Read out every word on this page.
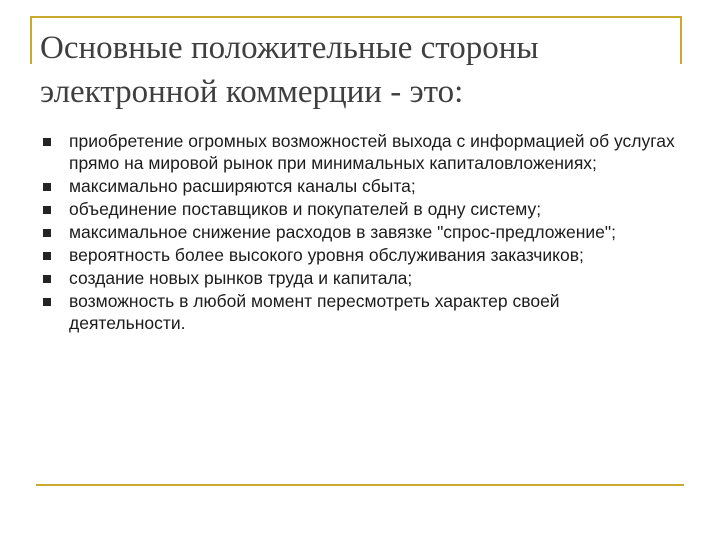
Основные положительные стороны
электронной коммерции - это:
приобретение огромных возможностей выхода с информацией об услугах прямо на мировой рынок при минимальных капиталовложениях;
максимально расширяются каналы сбыта;
объединение поставщиков и покупателей в одну систему;
максимальное снижение расходов в завязке "спрос-предложение";
вероятность более высокого уровня обслуживания заказчиков;
создание новых рынков труда и капитала;
возможность в любой момент пересмотреть характер своей деятельности.
